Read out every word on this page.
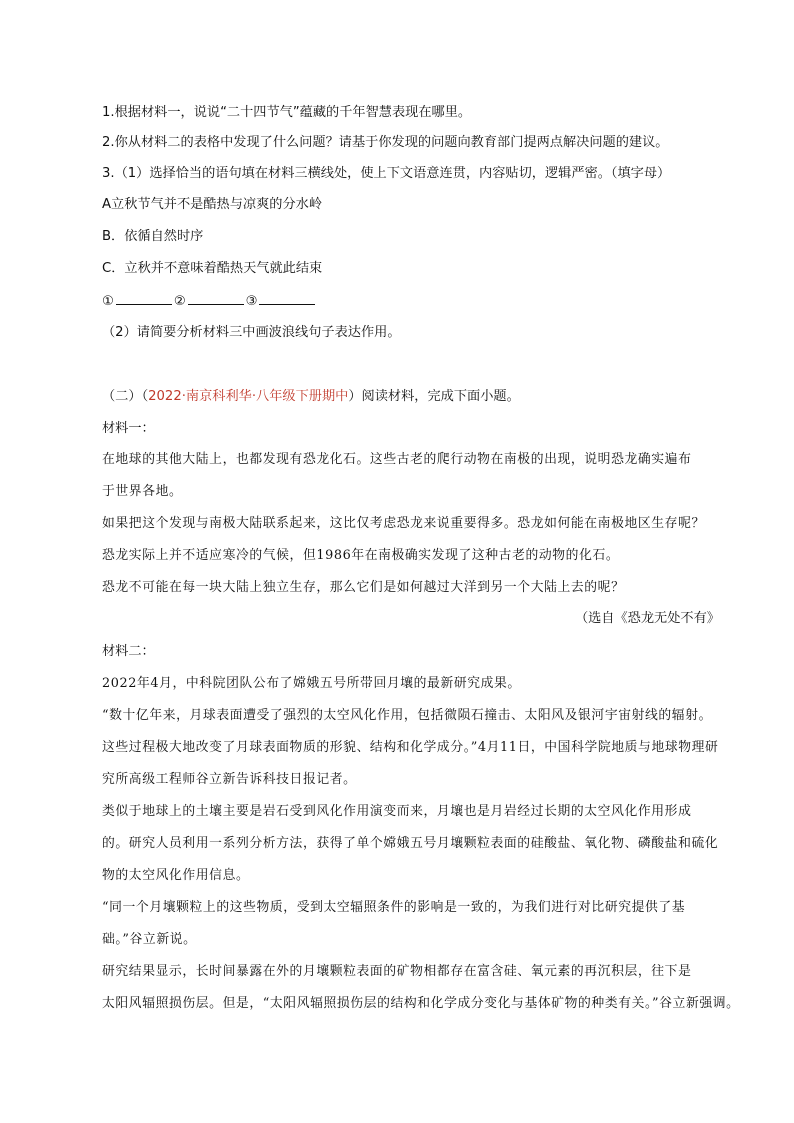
1.根据材料一，说说“二十四节气”蕴藏的千年智慧表现在哪里。
2.你从材料二的表格中发现了什么问题？请基于你发现的问题向教育部门提两点解决问题的建议。
3.（1）选择恰当的语句填在材料三横线处，使上下文语意连贯，内容贴切，逻辑严密。（填字母）
A立秋节气并不是酷热与凉爽的分水岭
B．依循自然时序
C．立秋并不意味着酷热天气就此结束
①	②	③
（2）请简要分析材料三中画波浪线句子表达作用。
（二）（2022·南京科利华·八年级下册期中）阅读材料，完成下面小题。
材料一：
在地球的其他大陆上，也都发现有恐龙化石。这些古老的爬行动物在南极的出现，说明恐龙确实遍布
于世界各地。
如果把这个发现与南极大陆联系起来，这比仅考虑恐龙来说重要得多。恐龙如何能在南极地区生存呢？
恐龙实际上并不适应寒冷的气候，但1986年在南极确实发现了这种古老的动物的化石。
恐龙不可能在每一块大陆上独立生存，那么它们是如何越过大洋到另一个大陆上去的呢？
（选自《恐龙无处不有》
材料二：
2022年4月，中科院团队公布了嫦娥五号所带回月壤的最新研究成果。
“数十亿年来，月球表面遭受了强烈的太空风化作用，包括微陨石撞击、太阳风及银河宇宙射线的辐射。
这些过程极大地改变了月球表面物质的形貌、结构和化学成分。”4月11日，中国科学院地质与地球物理研
究所高级工程师谷立新告诉科技日报记者。
类似于地球上的土壤主要是岩石受到风化作用演变而来，月壤也是月岩经过长期的太空风化作用形成
的。研究人员利用一系列分析方法，获得了单个嫦娥五号月壤颗粒表面的硅酸盐、氧化物、磷酸盐和硫化
物的太空风化作用信息。
“同一个月壤颗粒上的这些物质，受到太空辐照条件的影响是一致的，为我们进行对比研究提供了基
础。”谷立新说。
研究结果显示，长时间暴露在外的月壤颗粒表面的矿物相都存在富含硅、氧元素的再沉积层，往下是
太阳风辐照损伤层。但是，“太阳风辐照损伤层的结构和化学成分变化与基体矿物的种类有关。”谷立新强调。
